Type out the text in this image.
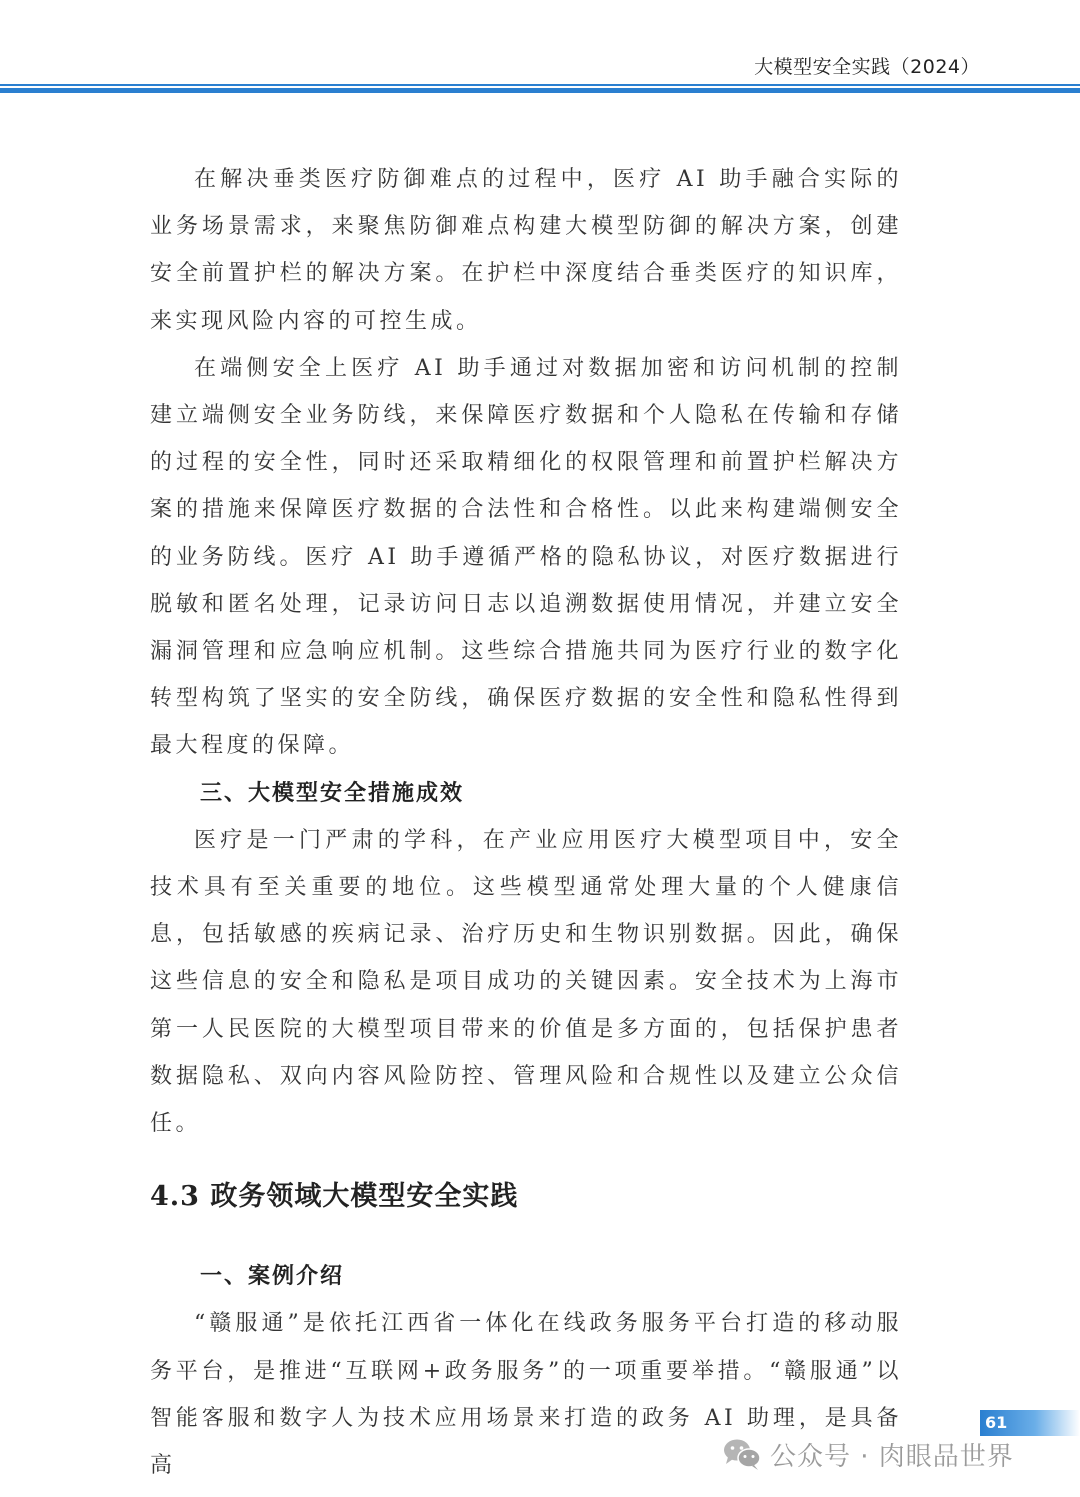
大模型安全实践（2024）

在解决垂类医疗防御难点的过程中，医疗 AI 助手融合实际的业务场景需求，来聚焦防御难点构建大模型防御的解决方案，创建安全前置护栏的解决方案。在护栏中深度结合垂类医疗的知识库，来实现风险内容的可控生成。

在端侧安全上医疗 AI 助手通过对数据加密和访问机制的控制建立端侧安全业务防线，来保障医疗数据和个人隐私在传输和存储的过程的安全性，同时还采取精细化的权限管理和前置护栏解决方案的措施来保障医疗数据的合法性和合格性。以此来构建端侧安全的业务防线。医疗 AI 助手遵循严格的隐私协议，对医疗数据进行脱敏和匿名处理，记录访问日志以追溯数据使用情况，并建立安全漏洞管理和应急响应机制。这些综合措施共同为医疗行业的数字化转型构筑了坚实的安全防线，确保医疗数据的安全性和隐私性得到最大程度的保障。

三、大模型安全措施成效

医疗是一门严肃的学科，在产业应用医疗大模型项目中，安全技术具有至关重要的地位。这些模型通常处理大量的个人健康信息，包括敏感的疾病记录、治疗历史和生物识别数据。因此，确保这些信息的安全和隐私是项目成功的关键因素。安全技术为上海市第一人民医院的大模型项目带来的价值是多方面的，包括保护患者数据隐私、双向内容风险防控、管理风险和合规性以及建立公众信任。

4.3 政务领域大模型安全实践

一、案例介绍

“赣服通”是依托江西省一体化在线政务服务平台打造的移动服务平台，是推进“互联网+政务服务”的一项重要举措。“赣服通”以智能客服和数字人为技术应用场景来打造的政务 AI 助理，是具备高

61
公众号 · 肉眼品世界
